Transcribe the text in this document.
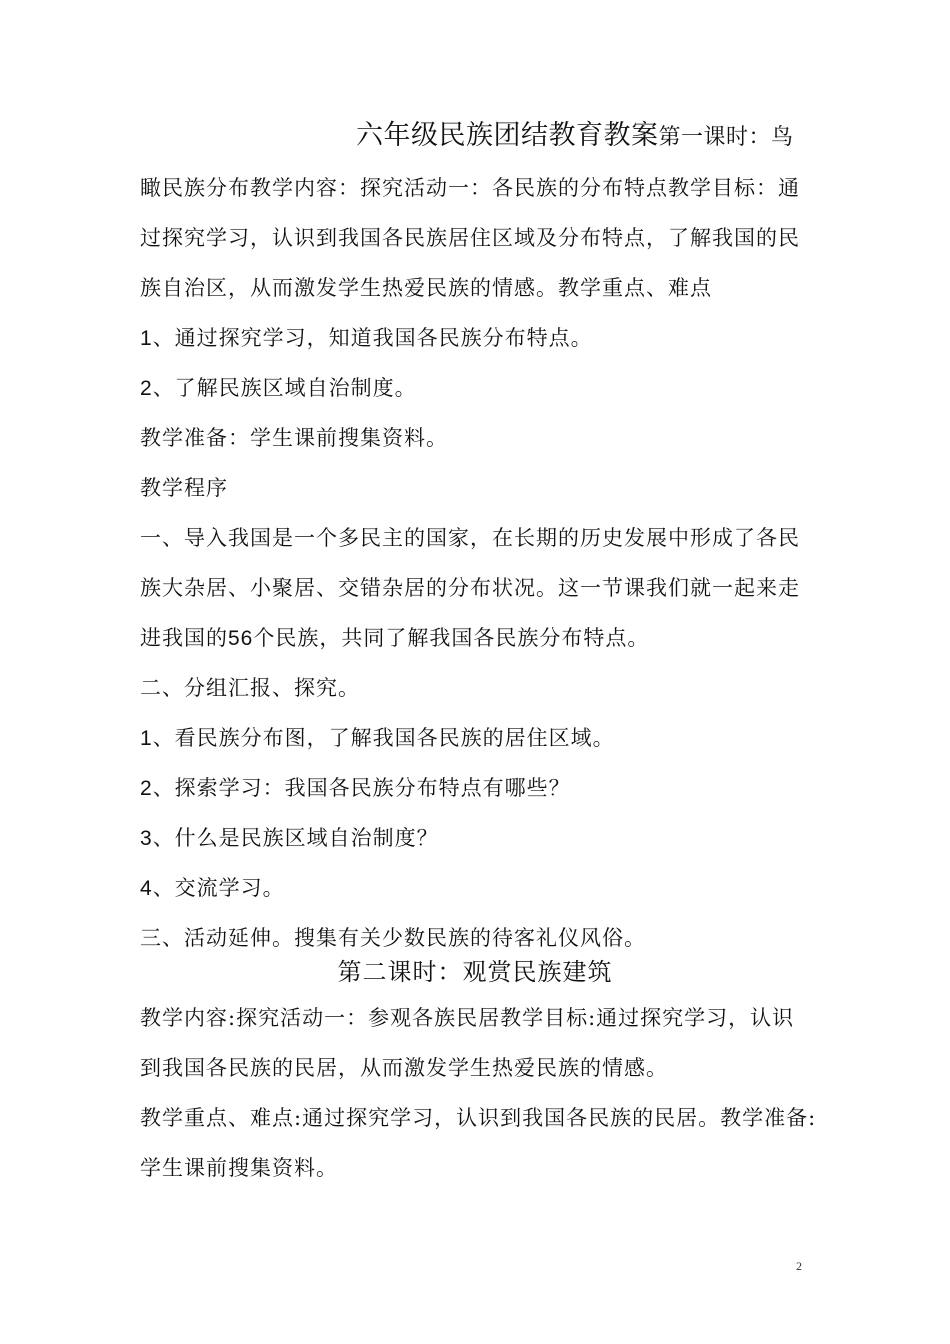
六年级民族团结教育教案第一课时：鸟
瞰民族分布教学内容：探究活动一：各民族的分布特点教学目标：通
过探究学习，认识到我国各民族居住区域及分布特点，了解我国的民
族自治区，从而激发学生热爱民族的情感。教学重点、难点
1、通过探究学习，知道我国各民族分布特点。
2、了解民族区域自治制度。
教学准备：学生课前搜集资料。
教学程序
一、导入我国是一个多民主的国家，在长期的历史发展中形成了各民
族大杂居、小聚居、交错杂居的分布状况。这一节课我们就一起来走
进我国的56个民族，共同了解我国各民族分布特点。
二、分组汇报、探究。
1、看民族分布图，了解我国各民族的居住区域。
2、探索学习：我国各民族分布特点有哪些？
3、什么是民族区域自治制度？
4、交流学习。
三、活动延伸。搜集有关少数民族的待客礼仪风俗。
第二课时：观赏民族建筑
教学内容:探究活动一：参观各族民居教学目标:通过探究学习，认识
到我国各民族的民居，从而激发学生热爱民族的情感。
教学重点、难点:通过探究学习，认识到我国各民族的民居。教学准备:
学生课前搜集资料。
2
